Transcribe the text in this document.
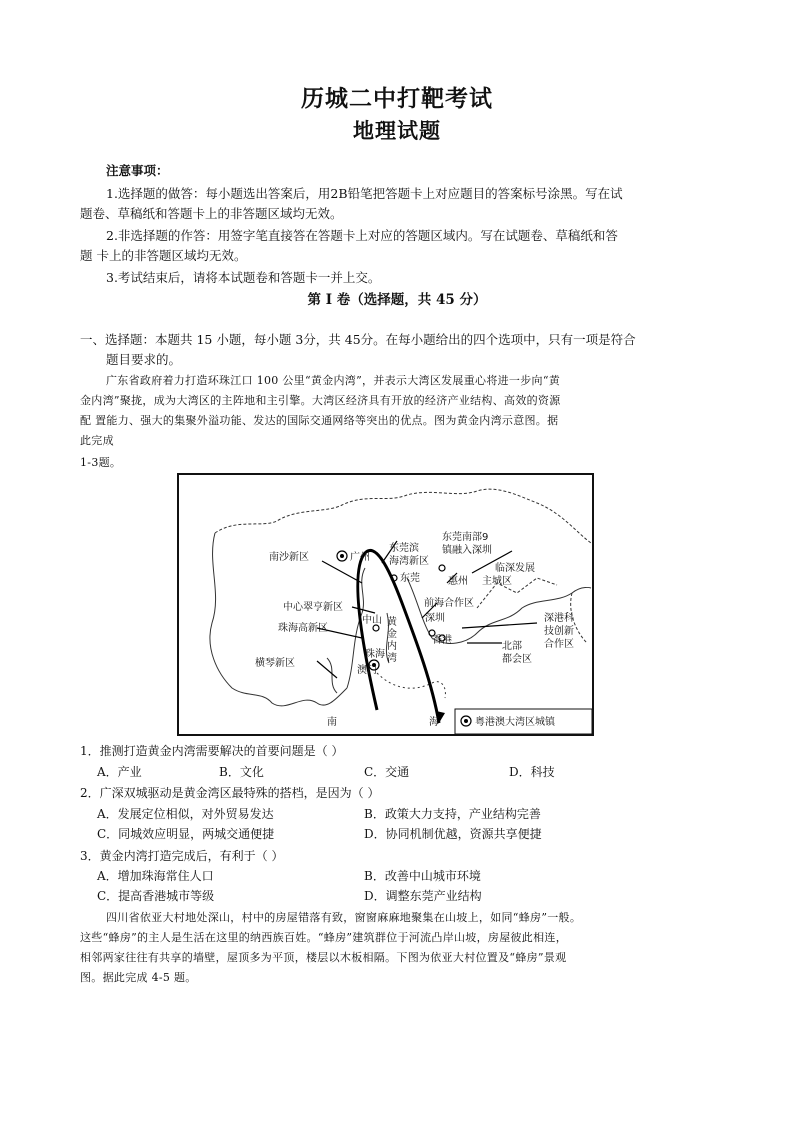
历城二中打靶考试
地理试题
注意事项：
1.选择题的做答：每小题选出答案后，用2B铅笔把答题卡上对应题目的答案标号涂黑。写在试
题卷、草稿纸和答题卡上的非答题区域均无效。
2.非选择题的作答：用签字笔直接答在答题卡上对应的答题区域内。写在试题卷、草稿纸和答
题 卡上的非答题区域均无效。
3.考试结束后，请将本试题卷和答题卡一并上交。
第 I 卷（选择题，共 45 分）
一、选择题：本题共 15 小题，每小题 3分，共 45分。在每小题给出的四个选项中，只有一项是符合
题目要求的。
广东省政府着力打造环珠江口 100 公里“黄金内湾”，并表示大湾区发展重心将进一步向“黄
金内湾”聚拢，成为大湾区的主阵地和主引擎。大湾区经济具有开放的经济产业结构、高效的资源
配 置能力、强大的集聚外溢功能、发达的国际交通网络等突出的优点。图为黄金内湾示意图。据
此完成
1-3题。
南沙新区	广州
东莞滨
海湾新区
东莞
东莞南部9
镇融入深圳
临深发展
惠州 主城区
中心翠亨新区
中山
前海合作区
深圳	深港科
技创新
合作区
珠海高新区
黄
金
内
湾
香港
北部
都会区
珠海
澳门
横琴新区
南	海	粤港澳大湾区城镇
1．推测打造黄金内湾需要解决的首要问题是（ ）
A．产业	B．文化	C．交通	D．科技
2．广深双城驱动是黄金湾区最特殊的搭档，是因为（ ）
A．发展定位相似，对外贸易发达	B．政策大力支持，产业结构完善
C．同城效应明显，两城交通便捷	D．协同机制优越，资源共享便捷
3．黄金内湾打造完成后，有利于（ ）
A．增加珠海常住人口	B．改善中山城市环境
C．提高香港城市等级	D．调整东莞产业结构
四川省依亚大村地处深山，村中的房屋错落有致，窗窗麻麻地聚集在山坡上，如同“蜂房”一般。
这些“蜂房”的主人是生活在这里的纳西族百姓。“蜂房”建筑群位于河流凸岸山坡，房屋彼此相连，
相邻两家往往有共享的墙壁，屋顶多为平顶，楼层以木板相隔。下图为依亚大村位置及“蜂房”景观
图。据此完成 4-5 题。
